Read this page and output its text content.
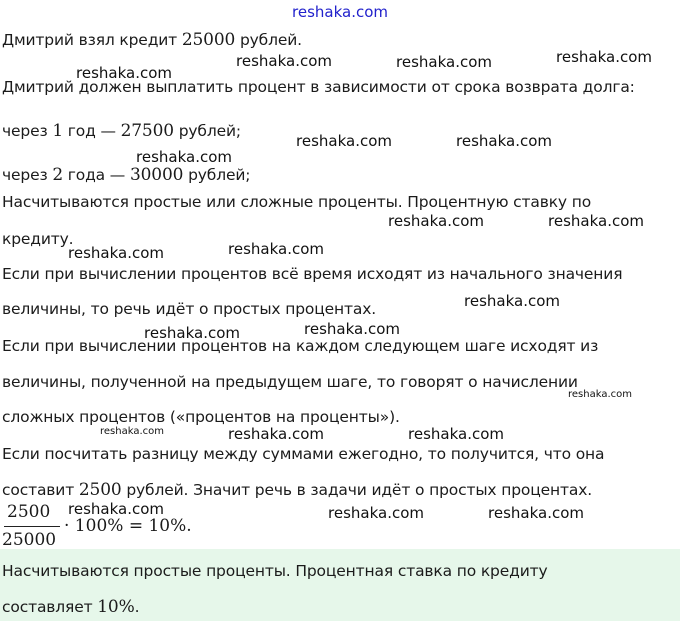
reshaka.com
Дмитрий взял кредит 25000 рублей.
Дмитрий должен выплатить процент в зависимости от срока возврата долга:
через 1 год — 27500 рублей;
через 2 года — 30000 рублей;
Насчитываются простые или сложные проценты. Процентную ставку по
кредиту.
Если при вычислении процентов всё время исходят из начального значения
величины, то речь идёт о простых процентах.
Если при вычислении процентов на каждом следующем шаге исходят из
величины, полученной на предыдущем шаге, то говорят о начислении
сложных процентов («процентов на проценты»).
Если посчитать разницу между суммами ежегодно, то получится, что она
составит 2500 рублей. Значит речь в задачи идёт о простых процентах.
2500
25000
· 100% = 10%.
Насчитываются простые проценты. Процентная ставка по кредиту
составляет 10%.
reshaka.com	reshaka.com	reshaka.com
reshaka.com
reshaka.com	reshaka.com
reshaka.com
reshaka.com	reshaka.com
reshaka.com
reshaka.com
reshaka.com
reshaka.com
reshaka.com
reshaka.com
reshaka.com	reshaka.com	reshaka.com
reshaka.com	reshaka.com	reshaka.com
